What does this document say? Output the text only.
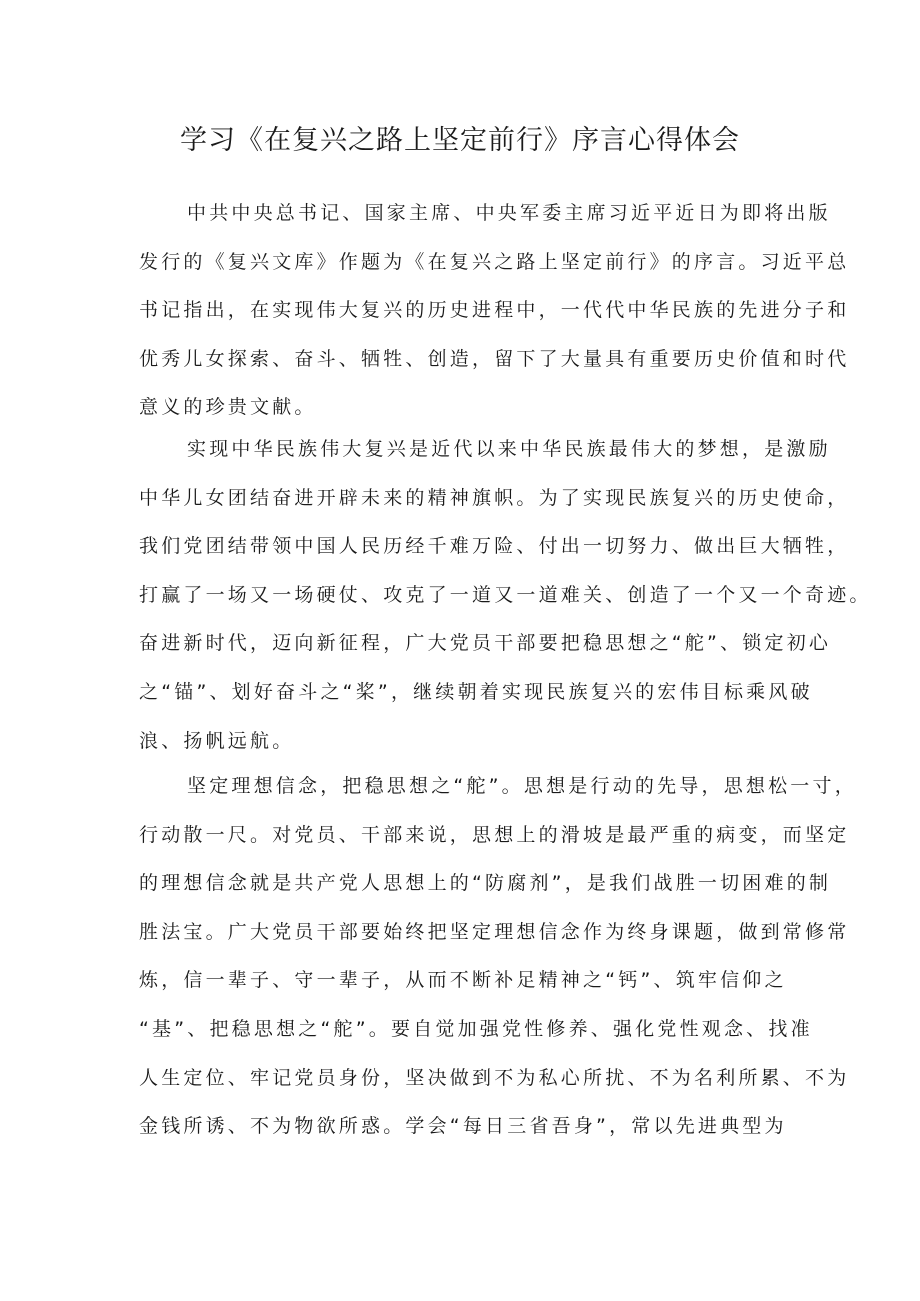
学习《在复兴之路上坚定前行》序言心得体会

中共中央总书记、国家主席、中央军委主席习近平近日为即将出版
发行的《复兴文库》作题为《在复兴之路上坚定前行》的序言。习近平总
书记指出，在实现伟大复兴的历史进程中，一代代中华民族的先进分子和
优秀儿女探索、奋斗、牺牲、创造，留下了大量具有重要历史价值和时代
意义的珍贵文献。

实现中华民族伟大复兴是近代以来中华民族最伟大的梦想，是激励
中华儿女团结奋进开辟未来的精神旗帜。为了实现民族复兴的历史使命，
我们党团结带领中国人民历经千难万险、付出一切努力、做出巨大牺牲，
打赢了一场又一场硬仗、攻克了一道又一道难关、创造了一个又一个奇迹。
奋进新时代，迈向新征程，广大党员干部要把稳思想之“舵”、锁定初心
之“锚”、划好奋斗之“桨”，继续朝着实现民族复兴的宏伟目标乘风破
浪、扬帆远航。

坚定理想信念，把稳思想之“舵”。思想是行动的先导，思想松一寸，
行动散一尺。对党员、干部来说，思想上的滑坡是最严重的病变，而坚定
的理想信念就是共产党人思想上的“防腐剂”，是我们战胜一切困难的制
胜法宝。广大党员干部要始终把坚定理想信念作为终身课题，做到常修常
炼，信一辈子、守一辈子，从而不断补足精神之“钙”、筑牢信仰之
“基”、把稳思想之“舵”。要自觉加强党性修养、强化党性观念、找准
人生定位、牢记党员身份，坚决做到不为私心所扰、不为名利所累、不为
金钱所诱、不为物欲所惑。学会“每日三省吾身”，常以先进典型为
